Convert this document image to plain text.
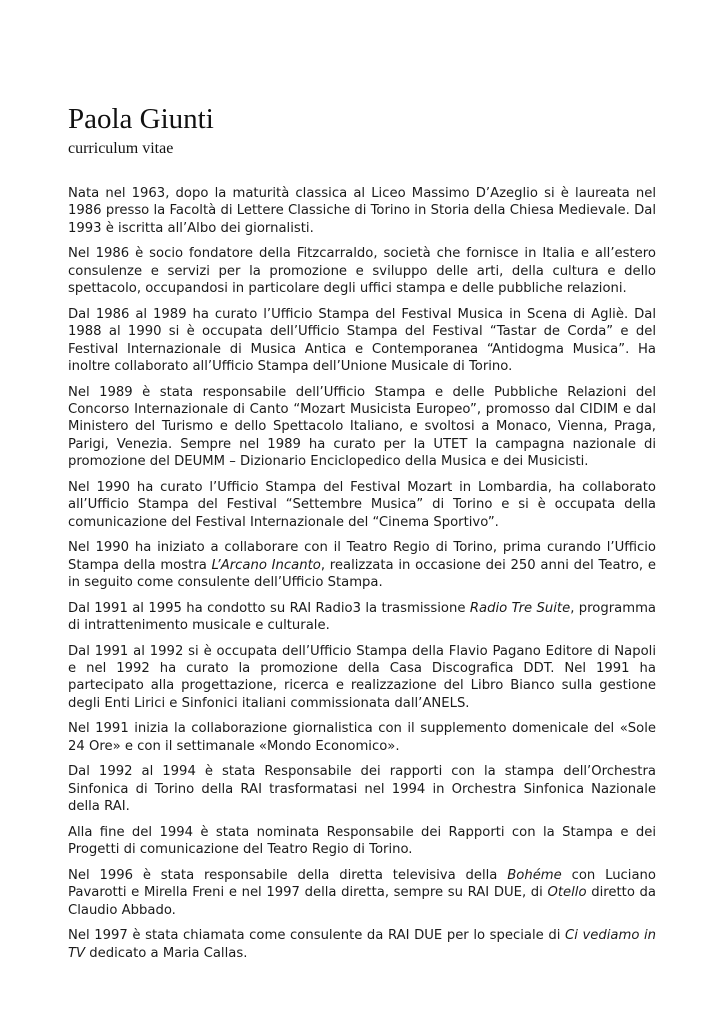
Paola Giunti
curriculum vitae

Nata nel 1963, dopo la maturità classica al Liceo Massimo D’Azeglio si è laureata nel 1986 presso la Facoltà di Lettere Classiche di Torino in Storia della Chiesa Medievale. Dal 1993 è iscritta all’Albo dei giornalisti.

Nel 1986 è socio fondatore della Fitzcarraldo, società che fornisce in Italia e all’estero consulenze e servizi per la promozione e sviluppo delle arti, della cultura e dello spettacolo, occupandosi in particolare degli uffici stampa e delle pubbliche relazioni.

Dal 1986 al 1989 ha curato l’Ufficio Stampa del Festival Musica in Scena di Agliè. Dal 1988 al 1990 si è occupata dell’Ufficio Stampa del Festival “Tastar de Corda” e del Festival Internazionale di Musica Antica e Contemporanea “Antidogma Musica”. Ha inoltre collaborato all’Ufficio Stampa dell’Unione Musicale di Torino.

Nel 1989 è stata responsabile dell’Ufficio Stampa e delle Pubbliche Relazioni del Concorso Internazionale di Canto “Mozart Musicista Europeo”, promosso dal CIDIM e dal Ministero del Turismo e dello Spettacolo Italiano, e svoltosi a Monaco, Vienna, Praga, Parigi, Venezia. Sempre nel 1989 ha curato per la UTET la campagna nazionale di promozione del DEUMM – Dizionario Enciclopedico della Musica e dei Musicisti.

Nel 1990 ha curato l’Ufficio Stampa del Festival Mozart in Lombardia, ha collaborato all’Ufficio Stampa del Festival “Settembre Musica” di Torino e si è occupata della comunicazione del Festival Internazionale del “Cinema Sportivo”.

Nel 1990 ha iniziato a collaborare con il Teatro Regio di Torino, prima curando l’Ufficio Stampa della mostra L’Arcano Incanto, realizzata in occasione dei 250 anni del Teatro, e in seguito come consulente dell’Ufficio Stampa.

Dal 1991 al 1995 ha condotto su RAI Radio3 la trasmissione Radio Tre Suite, programma di intrattenimento musicale e culturale.

Dal 1991 al 1992 si è occupata dell’Ufficio Stampa della Flavio Pagano Editore di Napoli e nel 1992 ha curato la promozione della Casa Discografica DDT. Nel 1991 ha partecipato alla progettazione, ricerca e realizzazione del Libro Bianco sulla gestione degli Enti Lirici e Sinfonici italiani commissionata dall’ANELS.

Nel 1991 inizia la collaborazione giornalistica con il supplemento domenicale del «Sole 24 Ore» e con il settimanale «Mondo Economico».

Dal 1992 al 1994 è stata Responsabile dei rapporti con la stampa dell’Orchestra Sinfonica di Torino della RAI trasformatasi nel 1994 in Orchestra Sinfonica Nazionale della RAI.

Alla fine del 1994 è stata nominata Responsabile dei Rapporti con la Stampa e dei Progetti di comunicazione del Teatro Regio di Torino.

Nel 1996 è stata responsabile della diretta televisiva della Bohéme con Luciano Pavarotti e Mirella Freni e nel 1997 della diretta, sempre su RAI DUE, di Otello diretto da Claudio Abbado.

Nel 1997 è stata chiamata come consulente da RAI DUE per lo speciale di Ci vediamo in TV dedicato a Maria Callas.
